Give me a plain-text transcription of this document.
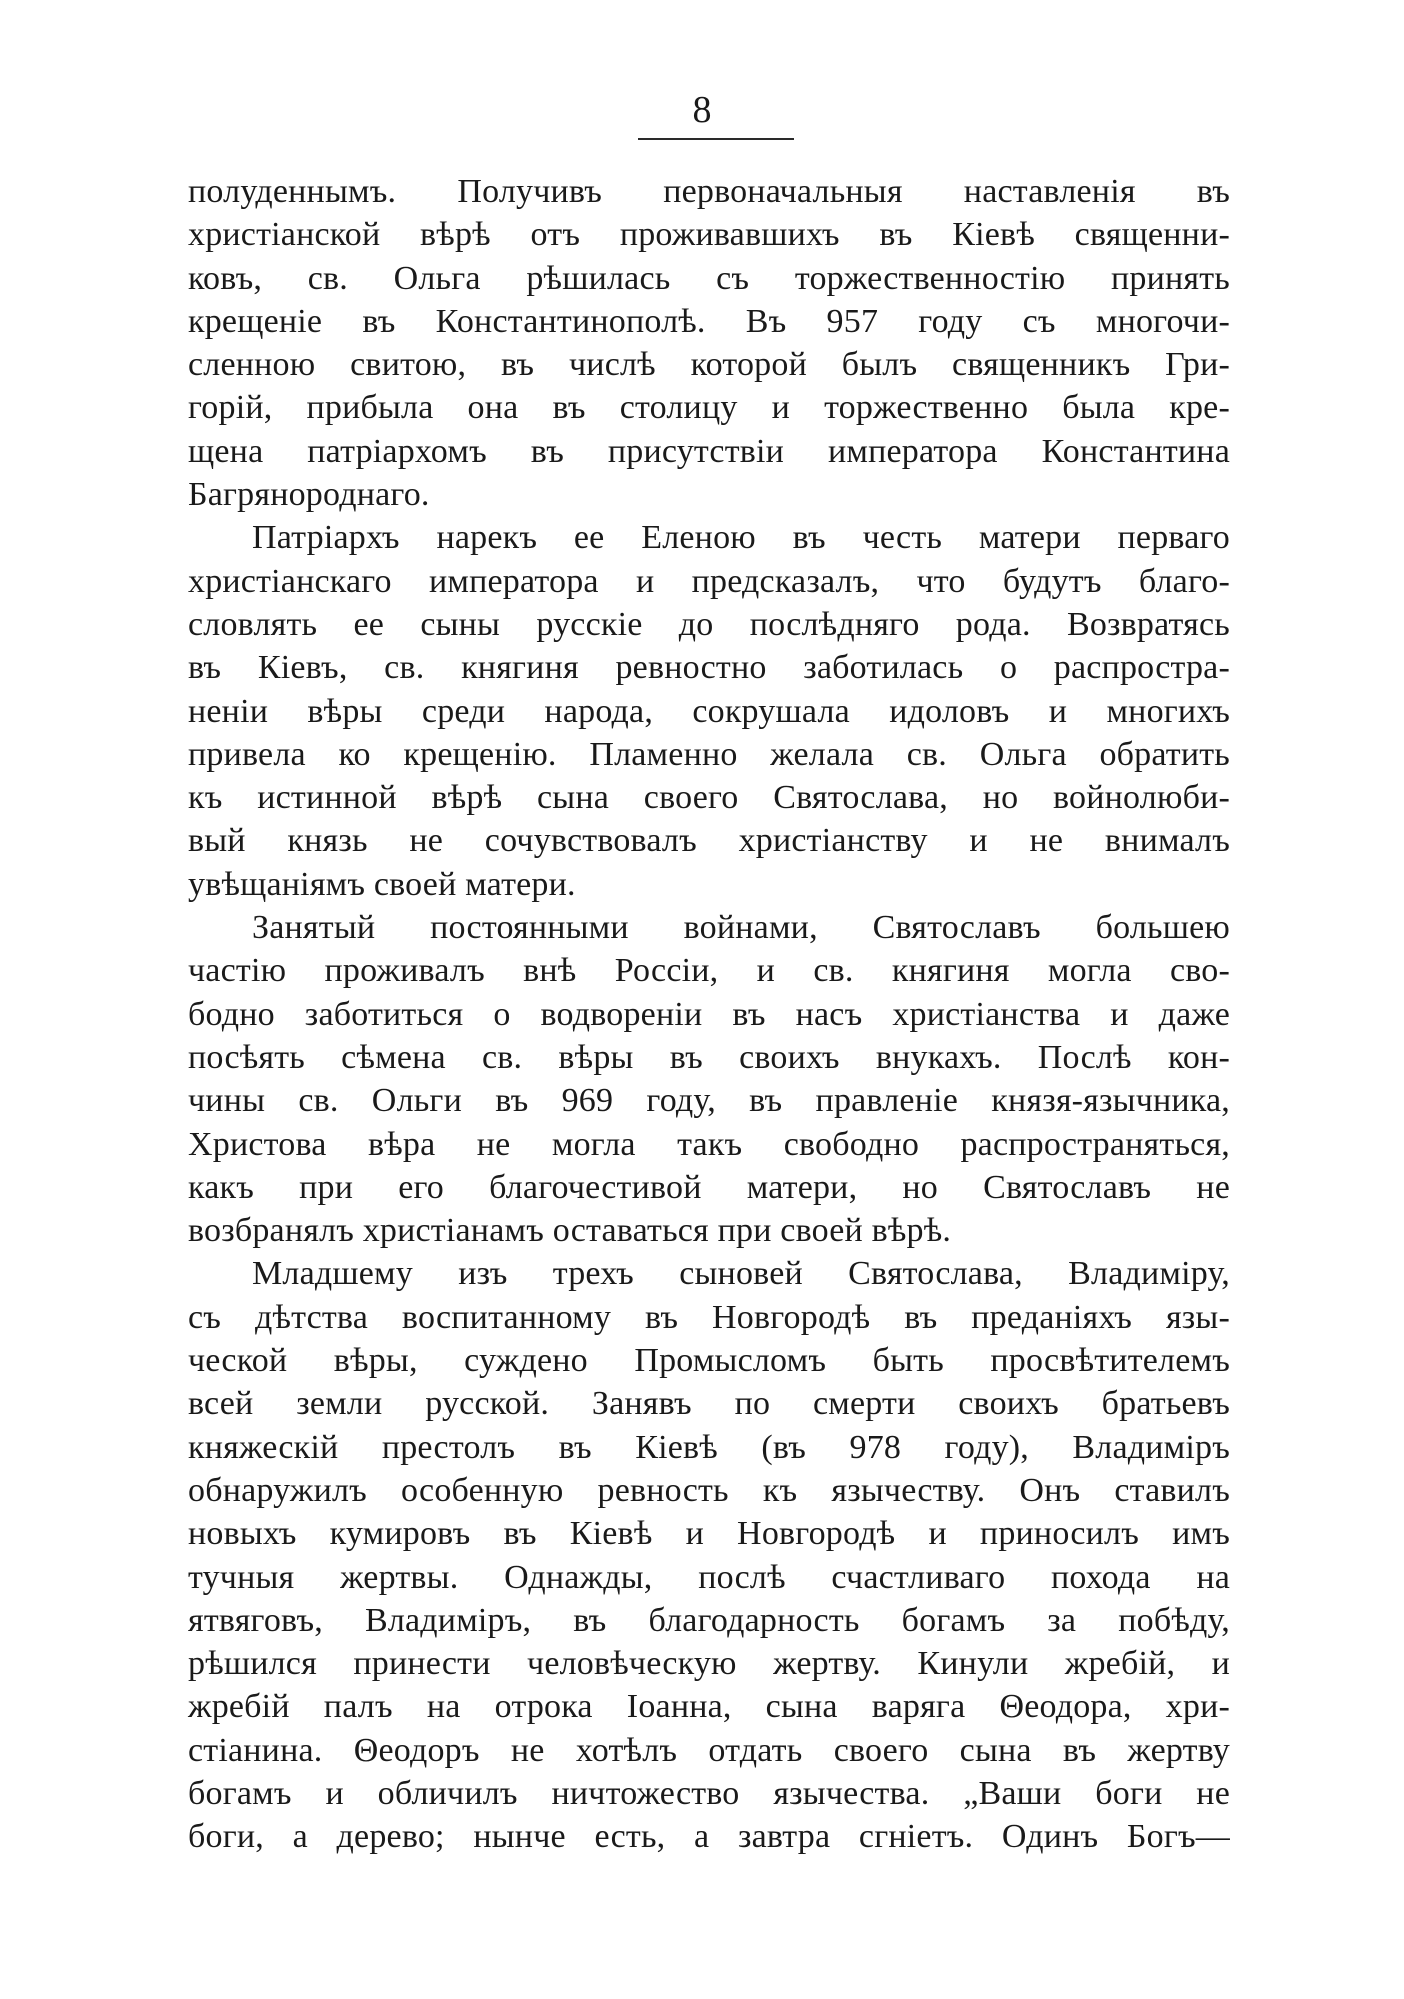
8
полуденнымъ. Получивъ первоначальныя наставленія въ
христіанской вѣрѣ отъ проживавшихъ въ Кіевѣ священни-
ковъ, св. Ольга рѣшилась съ торжественностію принять
крещеніе въ Константинополѣ. Въ 957 году съ многочи-
сленною свитою, въ числѣ которой былъ священникъ Гри-
горій, прибыла она въ столицу и торжественно была кре-
щена патріархомъ въ присутствіи императора Константина
Багрянороднаго.
Патріархъ нарекъ ее Еленою въ честь матери перваго
христіанскаго императора и предсказалъ, что будутъ благо-
словлять ее сыны русскіе до послѣдняго рода. Возвратясь
въ Кіевъ, св. княгиня ревностно заботилась о распростра-
неніи вѣры среди народа, сокрушала идоловъ и многихъ
привела ко крещенію. Пламенно желала св. Ольга обратить
къ истинной вѣрѣ сына своего Святослава, но войнолюби-
вый князь не сочувствовалъ христіанству и не внималъ
увѣщаніямъ своей матери.
Занятый постоянными войнами, Святославъ большею
частію проживалъ внѣ Россіи, и св. княгиня могла сво-
бодно заботиться о водвореніи въ насъ христіанства и даже
посѣять сѣмена св. вѣры въ своихъ внукахъ. Послѣ кон-
чины св. Ольги въ 969 году, въ правленіе князя-язычника,
Христова вѣра не могла такъ свободно распространяться,
какъ при его благочестивой матери, но Святославъ не
возбранялъ христіанамъ оставаться при своей вѣрѣ.
Младшему изъ трехъ сыновей Святослава, Владиміру,
съ дѣтства воспитанному въ Новгородѣ въ преданіяхъ язы-
ческой вѣры, суждено Промысломъ быть просвѣтителемъ
всей земли русской. Занявъ по смерти своихъ братьевъ
княжескій престолъ въ Кіевѣ (въ 978 году), Владиміръ
обнаружилъ особенную ревность къ язычеству. Онъ ставилъ
новыхъ кумировъ въ Кіевѣ и Новгородѣ и приносилъ имъ
тучныя жертвы. Однажды, послѣ счастливаго похода на
ятвяговъ, Владиміръ, въ благодарность богамъ за побѣду,
рѣшился принести человѣческую жертву. Кинули жребій, и
жребій палъ на отрока Іоанна, сына варяга Θеодора, хри-
стіанина. Θеодоръ не хотѣлъ отдать своего сына въ жертву
богамъ и обличилъ ничтожество язычества. „Ваши боги не
боги, а дерево; нынче есть, а завтра сгніетъ. Одинъ Богъ—
